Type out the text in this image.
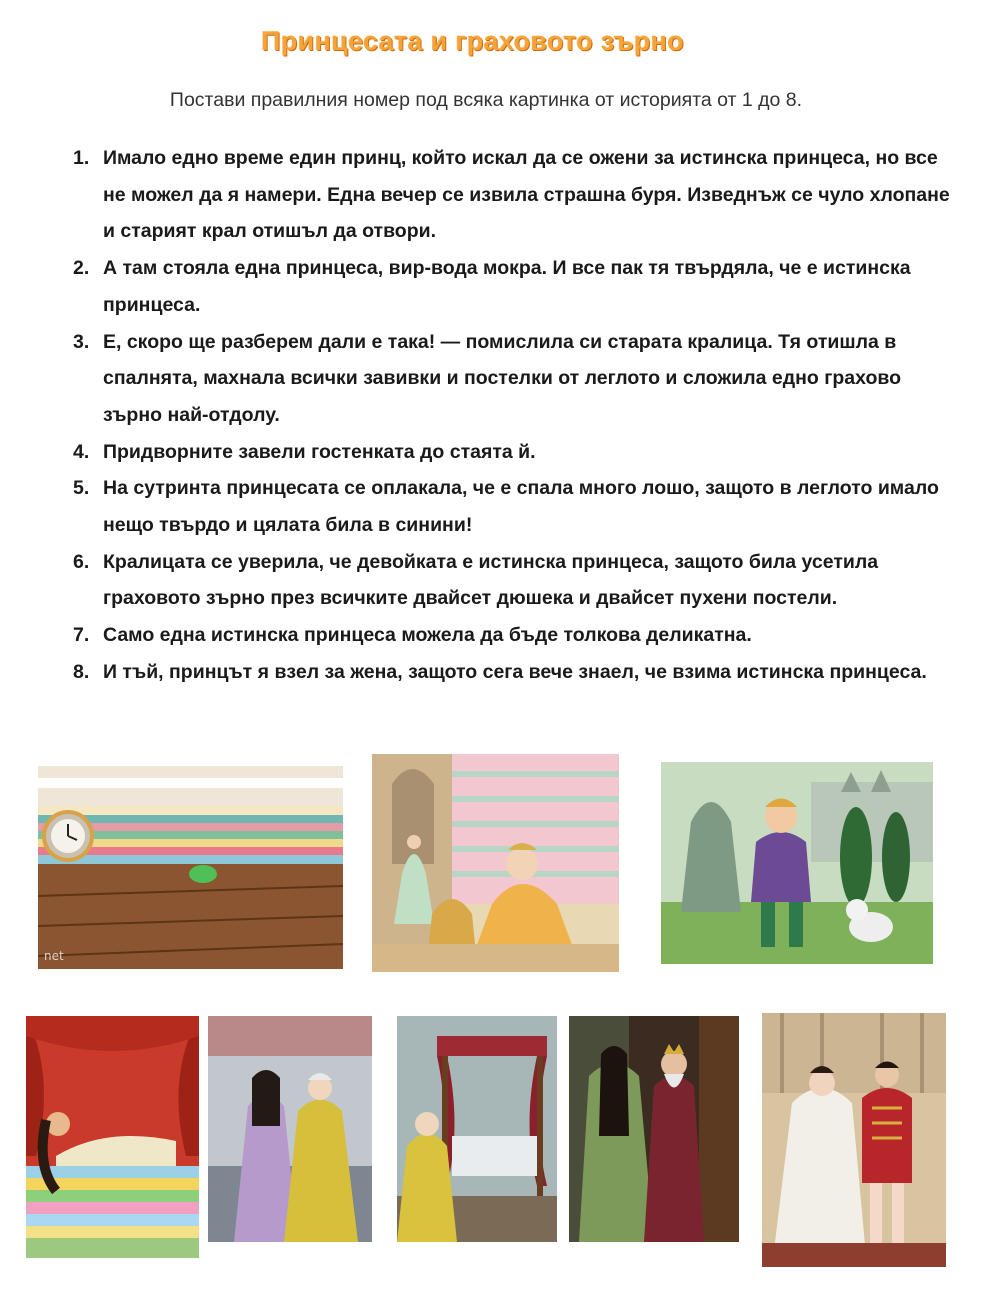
Принцесата и граховото зърно
Постави правилния номер под всяка картинка от историята от 1 до 8.
1. Имало едно време един принц, който искал да се ожени за истинска принцеса, но все не можел да я намери. Една вечер се извила страшна буря. Изведнъж се чуло хлопане и старият крал отишъл да отвори.
2. А там стояла една принцеса, вир-вода мокра. И все пак тя твърдяла, че е истинска принцеса.
3. Е, скоро ще разберем дали е така! — помислила си старата кралица. Тя отишла в спалнята, махнала всички завивки и постелки от леглото и сложила едно грахово зърно най-отдолу.
4. Придворните завели гостенката до стаята й.
5. На сутринта принцесата се оплакала, че е спала много лошо, защото в леглото имало нещо твърдо и цялата била в синини!
6. Кралицата се уверила, че девойката е истинска принцеса, защото била усетила граховото зърно през всичките двайсет дюшека и двайсет пухени постели.
7. Само една истинска принцеса можела да бъде толкова деликатна.
8. И тъй, принцът я взел за жена, защото сега вече знаел, че взима истинска принцеса.
net
